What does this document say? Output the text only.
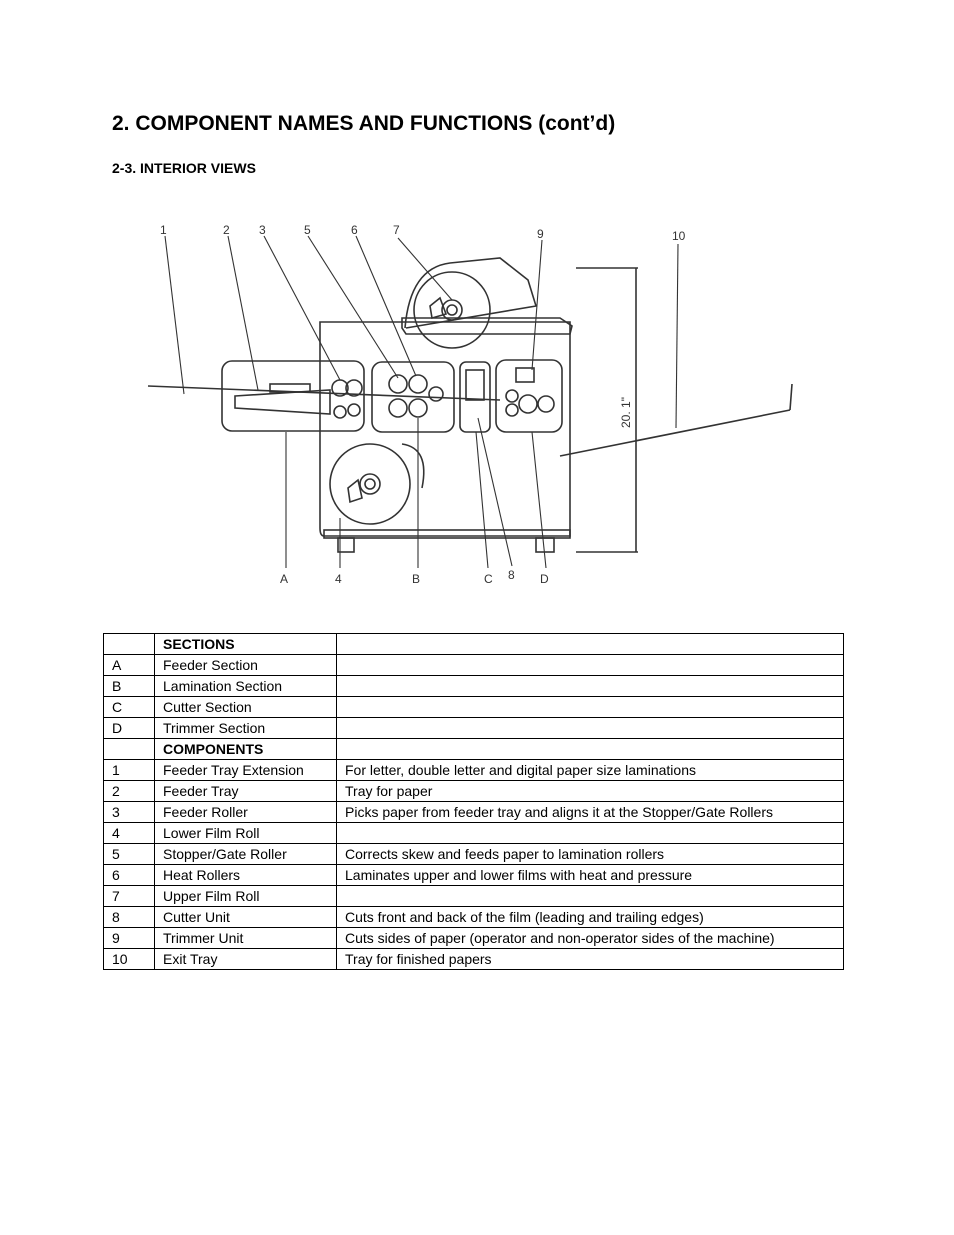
2. COMPONENT NAMES AND FUNCTIONS (cont’d)
2-3. INTERIOR VIEWS
1	2 3	5	6	7	9	10
A	4	B	C 8 D
20. 1"
	SECTIONS	
A	Feeder Section	
B	Lamination Section	
C	Cutter Section	
D	Trimmer Section	
	COMPONENTS	
1	Feeder Tray Extension	For letter, double letter and digital paper size laminations
2	Feeder Tray	Tray for paper
3	Feeder Roller	Picks paper from feeder tray and aligns it at the Stopper/Gate Rollers
4	Lower Film Roll	
5	Stopper/Gate Roller	Corrects skew and feeds paper to lamination rollers
6	Heat Rollers	Laminates upper and lower films with heat and pressure
7	Upper Film Roll	
8	Cutter Unit	Cuts front and back of the film (leading and trailing edges)
9	Trimmer Unit	Cuts sides of paper (operator and non-operator sides of the machine)
10	Exit Tray	Tray for finished papers
